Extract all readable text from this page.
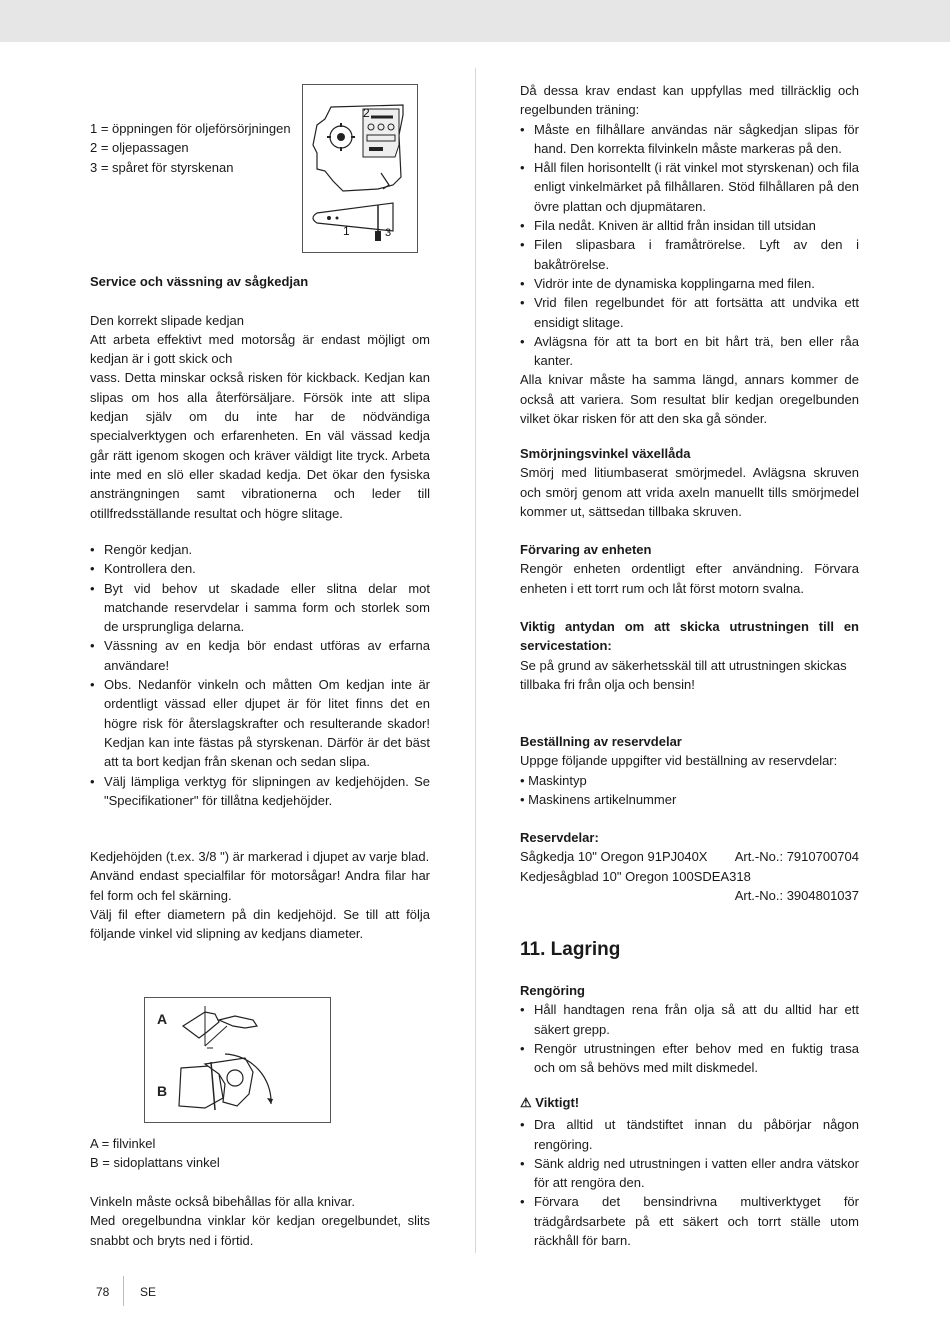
1 = öppningen för oljeförsörjningen

2 = oljepassagen

3 = spåret för styrskenan

2
1	3

Service och vässning av sågkedjan

Den korrekt slipade kedjan

Att arbeta effektivt med motorsåg är endast möjligt om kedjan är i gott skick och

vass. Detta minskar också risken för kickback. Kedjan kan slipas om hos alla återförsäljare. Försök inte att slipa kedjan själv om du inte har de nödvändiga specialverktygen och erfarenheten. En väl vässad kedja går rätt igenom skogen och kräver väldigt lite tryck. Arbeta inte med en slö eller skadad kedja. Det ökar den fysiska ansträngningen samt vibrationerna och leder till otillfredsställande resultat och högre slitage.

• Rengör kedjan.
• Kontrollera den.
• Byt vid behov ut skadade eller slitna delar mot matchande reservdelar i samma form och storlek som de ursprungliga delarna.
• Vässning av en kedja bör endast utföras av erfarna användare!
• Obs. Nedanför vinkeln och måtten Om kedjan inte är ordentligt vässad eller djupet är för litet finns det en högre risk för återslagskrafter och resulterande skador! Kedjan kan inte fästas på styrskenan. Därför är det bäst att ta bort kedjan från skenan och sedan slipa.
• Välj lämpliga verktyg för slipningen av kedjehöjden. Se "Specifikationer" för tillåtna kedjehöjder.

Kedjehöjden (t.ex. 3/8 ") är markerad i djupet av varje blad.

Använd endast specialfilar för motorsågar! Andra filar har fel form och fel skärning.

Välj fil efter diametern på din kedjehöjd. Se till att följa följande vinkel vid slipning av kedjans diameter.

A
B

A = filvinkel

B = sidoplattans vinkel

Vinkeln måste också bibehållas för alla knivar.

Med oregelbundna vinklar kör kedjan oregelbundet, slits snabbt och bryts ned i förtid.

Då dessa krav endast kan uppfyllas med tillräcklig och regelbunden träning:

• Måste en filhållare användas när sågkedjan slipas för hand. Den korrekta filvinkeln måste markeras på den.
• Håll filen horisontellt (i rät vinkel mot styrskenan) och fila enligt vinkelmärket på filhållaren. Stöd filhållaren på den övre plattan och djupmätaren.
• Fila nedåt. Kniven är alltid från insidan till utsidan
• Filen slipasbara i framåtrörelse. Lyft av den i bakåtrörelse.
• Vidrör inte de dynamiska kopplingarna med filen.
• Vrid filen regelbundet för att fortsätta att undvika ett ensidigt slitage.
• Avlägsna för att ta bort en bit hårt trä, ben eller råa kanter.

Alla knivar måste ha samma längd, annars kommer de också att variera. Som resultat blir kedjan oregelbunden vilket ökar risken för att den ska gå sönder.

Smörjningsvinkel växellåda

Smörj med litiumbaserat smörjmedel. Avlägsna skruven och smörj genom att vrida axeln manuellt tills smörjmedel kommer ut, sättsedan tillbaka skruven.

Förvaring av enheten

Rengör enheten ordentligt efter användning. Förvara enheten i ett torrt rum och låt först motorn svalna.

Viktig antydan om att skicka utrustningen till en servicestation:

Se på grund av säkerhetsskäl till att utrustningen skickas tillbaka fri från olja och bensin!

Beställning av reservdelar

Uppge följande uppgifter vid beställning av reservdelar:

• Maskintyp

• Maskinens artikelnummer

Reservdelar:

Sågkedja 10" Oregon 91PJ040X Art.-No.: 7910700704

Kedjesågblad 10" Oregon 100SDEA318

Art.-No.: 3904801037

11. Lagring

Rengöring

• Håll handtagen rena från olja så att du alltid har ett säkert grepp.
• Rengör utrustningen efter behov med en fuktig trasa och om så behövs med milt diskmedel.

⚠ Viktigt!

• Dra alltid ut tändstiftet innan du påbörjar någon rengöring.
• Sänk aldrig ned utrustningen i vatten eller andra vätskor för att rengöra den.
• Förvara det bensindrivna multiverktyget för trädgårdsarbete på ett säkert och torrt ställe utom räckhåll för barn.
78	SE
